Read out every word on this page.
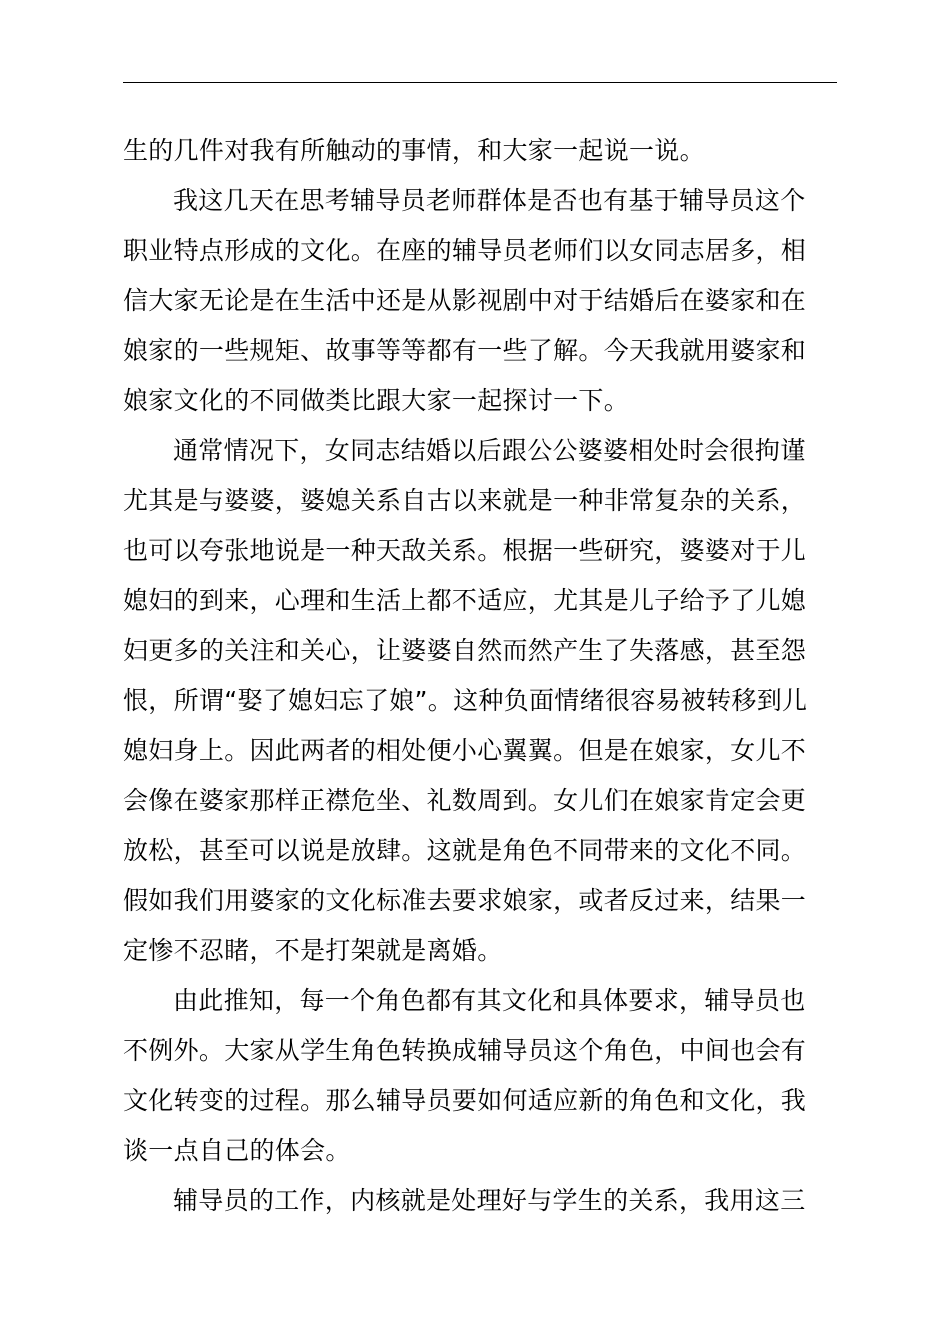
生的几件对我有所触动的事情，和大家一起说一说。
我这几天在思考辅导员老师群体是否也有基于辅导员这个
职业特点形成的文化。在座的辅导员老师们以女同志居多，相
信大家无论是在生活中还是从影视剧中对于结婚后在婆家和在
娘家的一些规矩、故事等等都有一些了解。今天我就用婆家和
娘家文化的不同做类比跟大家一起探讨一下。
通常情况下，女同志结婚以后跟公公婆婆相处时会很拘谨
尤其是与婆婆，婆媳关系自古以来就是一种非常复杂的关系，
也可以夸张地说是一种天敌关系。根据一些研究，婆婆对于儿
媳妇的到来，心理和生活上都不适应，尤其是儿子给予了儿媳
妇更多的关注和关心，让婆婆自然而然产生了失落感，甚至怨
恨，所谓“娶了媳妇忘了娘”。这种负面情绪很容易被转移到儿
媳妇身上。因此两者的相处便小心翼翼。但是在娘家，女儿不
会像在婆家那样正襟危坐、礼数周到。女儿们在娘家肯定会更
放松，甚至可以说是放肆。这就是角色不同带来的文化不同。
假如我们用婆家的文化标准去要求娘家，或者反过来，结果一
定惨不忍睹，不是打架就是离婚。
由此推知，每一个角色都有其文化和具体要求，辅导员也
不例外。大家从学生角色转换成辅导员这个角色，中间也会有
文化转变的过程。那么辅导员要如何适应新的角色和文化，我
谈一点自己的体会。
辅导员的工作，内核就是处理好与学生的关系，我用这三
